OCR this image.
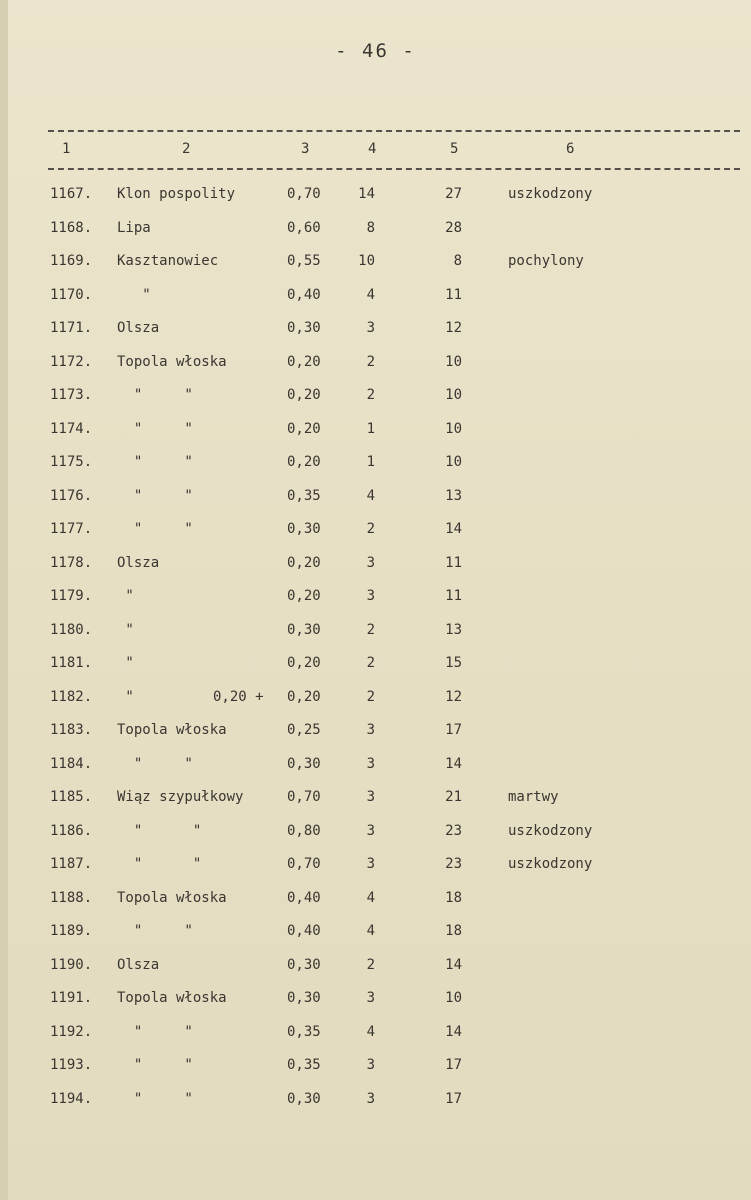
- 46 -
1	2	3	4	5	6
1167. Klon pospolity	0,70	14	27	uszkodzony
1168. Lipa	0,60	8	28
1169. Kasztanowiec	0,55	10	8	pochylony
1170. "	0,40	4	11
1171. Olsza	0,30	3	12
1172. Topola włoska	0,20	2	10
1173. "     "	0,20	2	10
1174. "     "	0,20	1	10
1175. "     "	0,20	1	10
1176. "     "	0,35	4	13
1177. "     "	0,30	2	14
1178. Olsza	0,20	3	11
1179. "	0,20	3	11
1180. "	0,30	2	13
1181. "	0,20	2	15
1182. "	0,20 + 0,20	2	12
1183. Topola włoska	0,25	3	17
1184. "     "	0,30	3	14
1185. Wiąz szypułkowy	0,70	3	21	martwy
1186. "      "	0,80	3	23	uszkodzony
1187. "      "	0,70	3	23	uszkodzony
1188. Topola włoska	0,40	4	18
1189. "     "	0,40	4	18
1190. Olsza	0,30	2	14
1191. Topola włoska	0,30	3	10
1192. "     "	0,35	4	14
1193. "     "	0,35	3	17
1194. "     "	0,30	3	17
